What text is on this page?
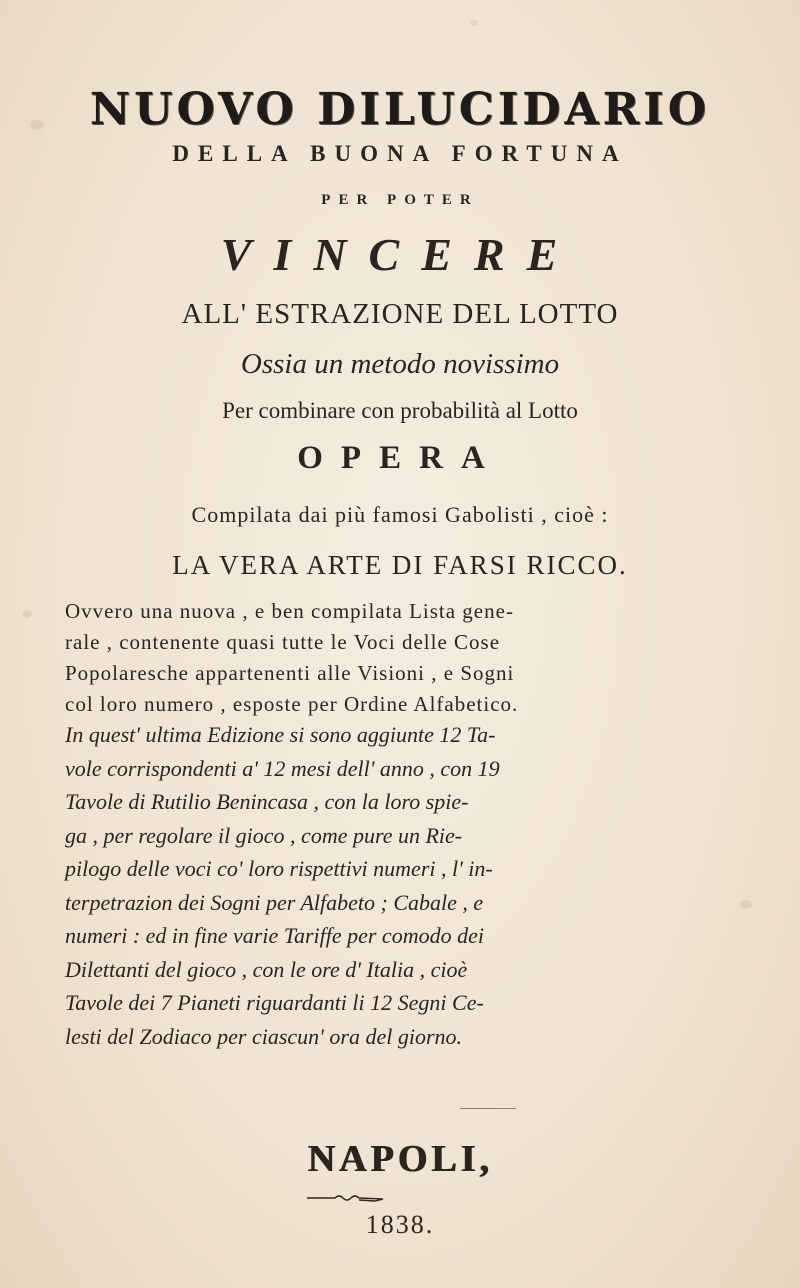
NUOVO DILUCIDARIO
DELLA BUONA FORTUNA
PER POTER
VINCERE
ALL' ESTRAZIONE DEL LOTTO
Ossia un metodo novissimo
Per combinare con probabilità al Lotto
OPERA
Compilata dai più famosi Gabolisti , cioè :
LA VERA ARTE DI FARSI RICCO.
Ovvero una nuova , e ben compilata Lista gene-
rale , contenente quasi tutte le Voci delle Cose
Popolaresche appartenenti alle Visioni , e Sogni
col loro numero , esposte per Ordine Alfabetico.
In quest' ultima Edizione si sono aggiunte 12 Ta-
vole corrispondenti a' 12 mesi dell' anno , con 19
Tavole di Rutilio Benincasa , con la loro spie-
ga , per regolare il gioco , come pure un Rie-
pilogo delle voci co' loro rispettivi numeri , l' in-
terpetrazion dei Sogni per Alfabeto ; Cabale , e
numeri : ed in fine varie Tariffe per comodo dei
Dilettanti del gioco , con le ore d' Italia , cioè
Tavole dei 7 Pianeti riguardanti li 12 Segni Ce-
lesti del Zodiaco per ciascun' ora del giorno.
NAPOLI,
1838.
